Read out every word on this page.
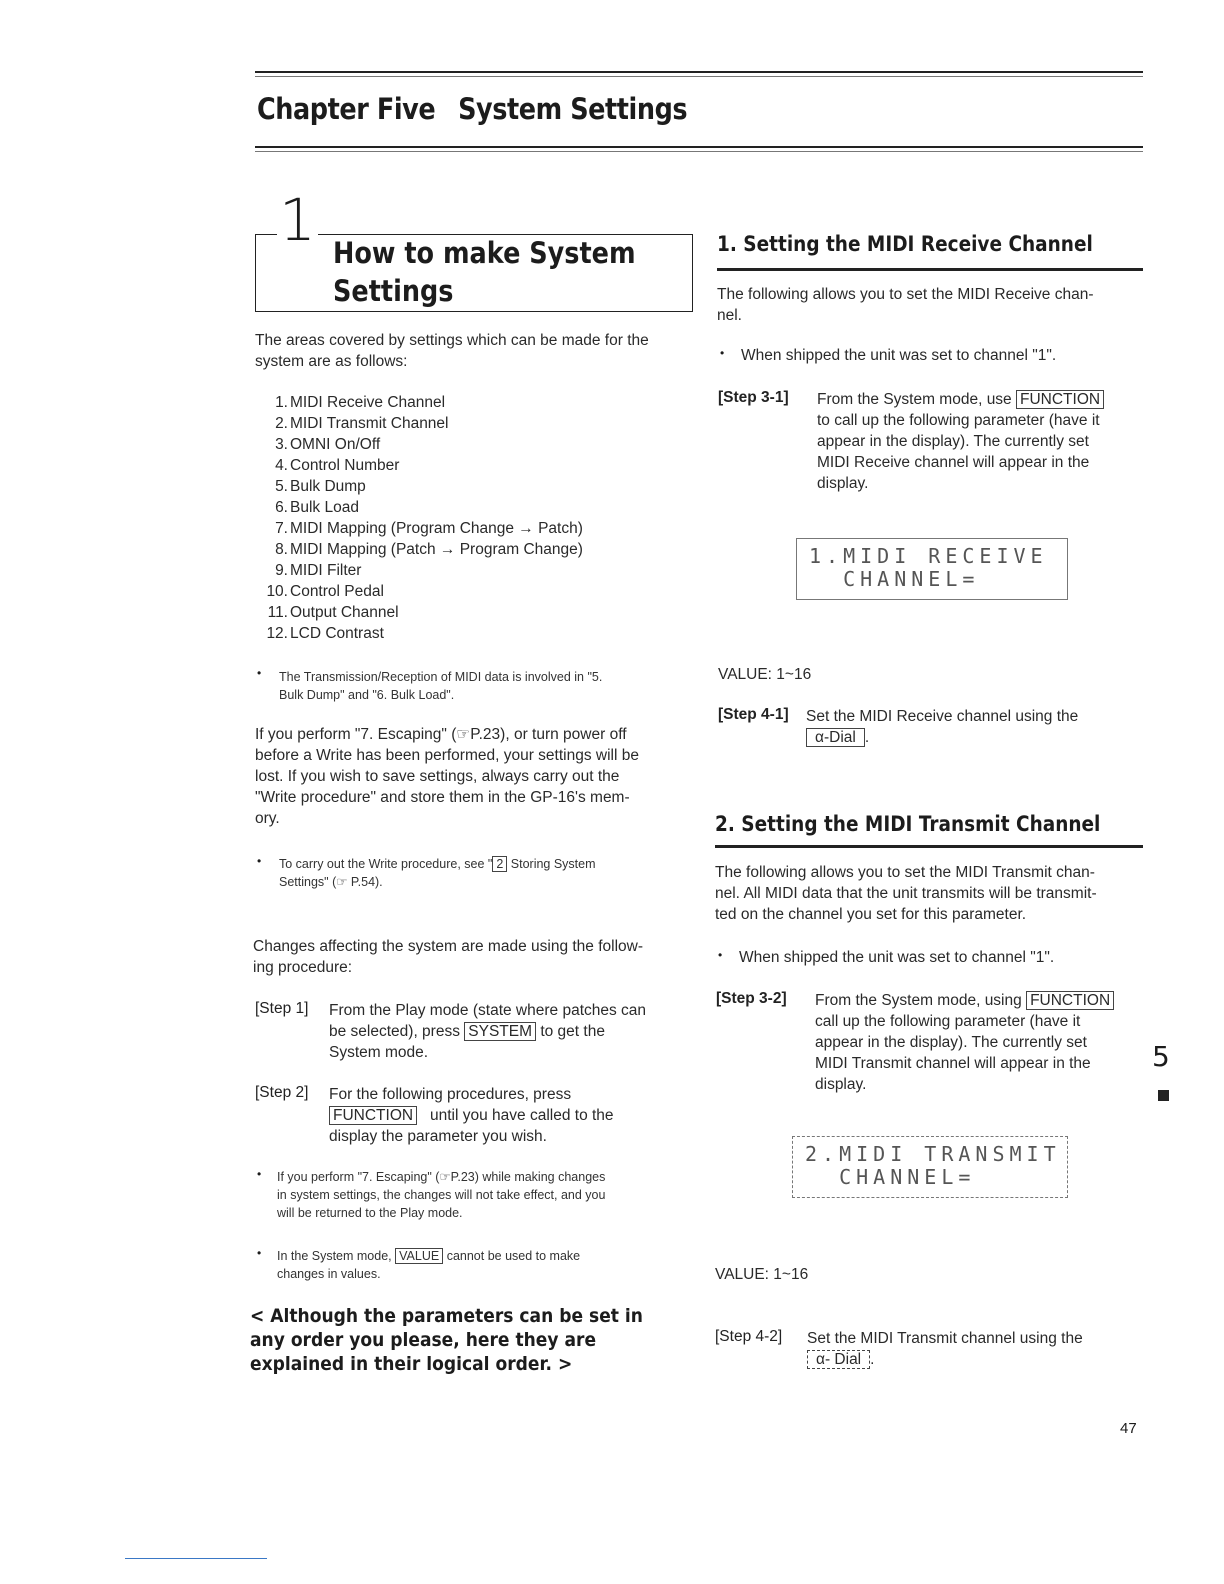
Chapter Five System Settings
1 How to make System
Settings
The areas covered by settings which can be made for the
system are as follows:
1. MIDI Receive Channel
2. MIDI Transmit Channel
3. OMNI On/Off
4. Control Number
5. Bulk Dump
6. Bulk Load
7. MIDI Mapping (Program Change → Patch)
8. MIDI Mapping (Patch → Program Change)
9. MIDI Filter
10. Control Pedal
11. Output Channel
12. LCD Contrast
• The Transmission/Reception of MIDI data is involved in "5.
Bulk Dump" and "6. Bulk Load".
If you perform "7. Escaping" (☞P.23), or turn power off
before a Write has been performed, your settings will be
lost. If you wish to save settings, always carry out the
"Write procedure" and store them in the GP-16's mem-
ory.
• To carry out the Write procedure, see " 2 Storing System
Settings" (☞ P.54).
Changes affecting the system are made using the follow-
ing procedure:
[Step 1] From the Play mode (state where patches can
be selected), press SYSTEM to get the
System mode.
[Step 2] For the following procedures, press
FUNCTION until you have called to the
display the parameter you wish.
• If you perform "7. Escaping" (☞P.23) while making changes
in system settings, the changes will not take effect, and you
will be returned to the Play mode.
• In the System mode, VALUE cannot be used to make
changes in values.
< Although the parameters can be set in any order you please, here they are explained in their logical order. >
1. Setting the MIDI Receive Channel
The following allows you to set the MIDI Receive chan-
nel.
• When shipped the unit was set to channel "1".
[Step 3-1] From the System mode, use FUNCTION
to call up the following parameter (have it
appear in the display). The currently set
MIDI Receive channel will appear in the
display.
1.MIDI RECEIVE
CHANNEL=
VALUE: 1~16
[Step 4-1] Set the MIDI Receive channel using the
α-Dial .
2. Setting the MIDI Transmit Channel
The following allows you to set the MIDI Transmit chan-
nel. All MIDI data that the unit transmits will be transmit-
ted on the channel you set for this parameter.
• When shipped the unit was set to channel "1".
[Step 3-2] From the System mode, using FUNCTION
call up the following parameter (have it
appear in the display). The currently set
MIDI Transmit channel will appear in the
display.
2.MIDI TRANSMIT
CHANNEL=
VALUE: 1~16
[Step 4-2] Set the MIDI Transmit channel using the
α- Dial .
5
47
